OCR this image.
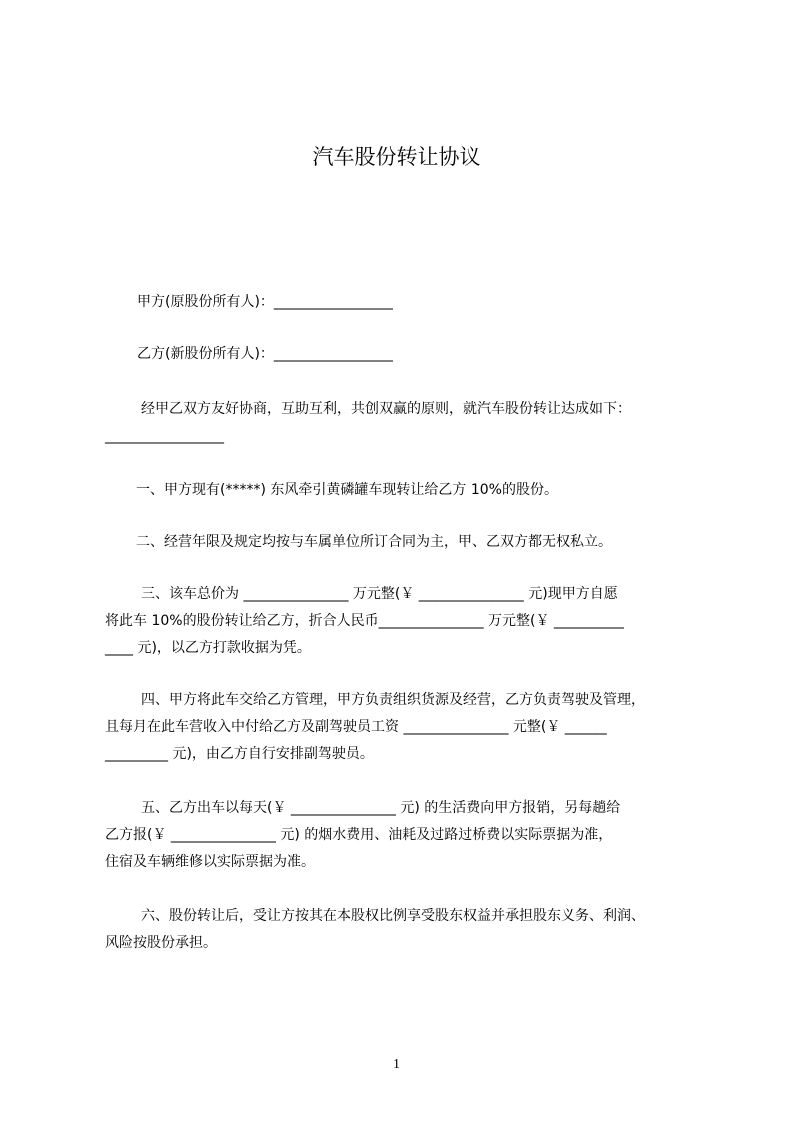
汽车股份转让协议
甲方(原股份所有人)：_________________
乙方(新股份所有人)：_________________
经甲乙双方友好协商，互助互利，共创双赢的原则，就汽车股份转让达成如下：
_________________
一、甲方现有(*****) 东风牵引黄磷罐车现转让给乙方 10%的股份。
二、经营年限及规定均按与车属单位所订合同为主，甲、乙双方都无权私立。
三、该车总价为 _______________ 万元整(￥ _______________ 元)现甲方自愿
将此车 10%的股份转让给乙方，折合人民币_______________ 万元整(￥ __________
____ 元)，以乙方打款收据为凭。
四、甲方将此车交给乙方管理，甲方负责组织货源及经营，乙方负责驾驶及管理，
且每月在此车营收入中付给乙方及副驾驶员工资 _______________ 元整(￥ ______
_________ 元)，由乙方自行安排副驾驶员。
五、乙方出车以每天(￥ _______________ 元) 的生活费向甲方报销，另每趟给
乙方报(￥ _______________ 元) 的烟水费用、油耗及过路过桥费以实际票据为准，
住宿及车辆维修以实际票据为准。
六、股份转让后，受让方按其在本股权比例享受股东权益并承担股东义务、利润、
风险按股份承担。
1
